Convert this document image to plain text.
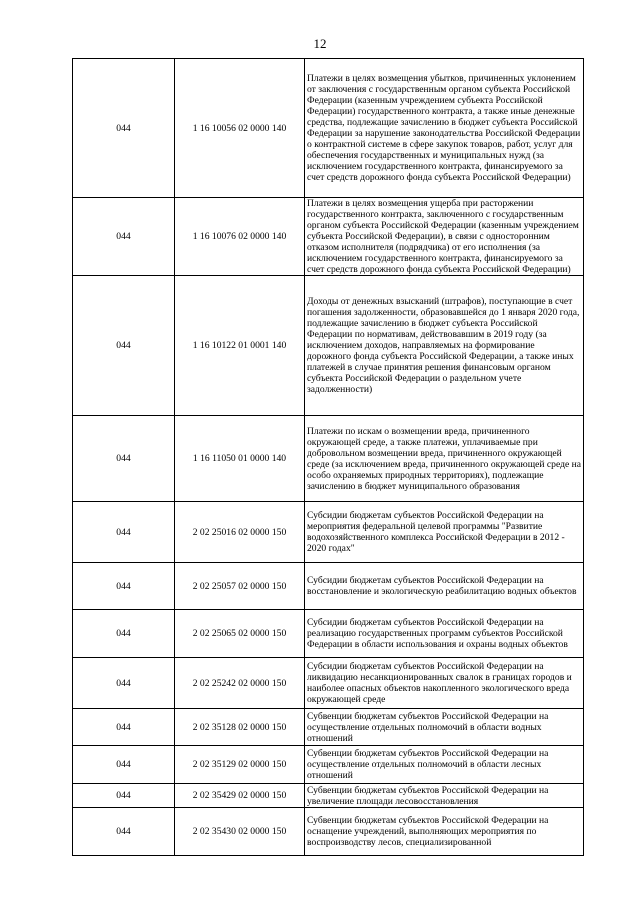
12
044	1 16 10056 02 0000 140	Платежи в целях возмещения убытков, причиненных уклонением от заключения с государственным органом субъекта Российской Федерации (казенным учреждением субъекта Российской Федерации) государственного контракта, а также иные денежные средства, подлежащие зачислению в бюджет субъекта Российской Федерации за нарушение законодательства Российской Федерации о контрактной системе в сфере закупок товаров, работ, услуг для обеспечения государственных и муниципальных нужд (за исключением государственного контракта, финансируемого за счет средств дорожного фонда субъекта Российской Федерации)
044	1 16 10076 02 0000 140	Платежи в целях возмещения ущерба при расторжении государственного контракта, заключенного с государственным органом субъекта Российской Федерации (казенным учреждением субъекта Российской Федерации), в связи с односторонним отказом исполнителя (подрядчика) от его исполнения (за исключением государственного контракта, финансируемого за счет средств дорожного фонда субъекта Российской Федерации)
044	1 16 10122 01 0001 140	Доходы от денежных взысканий (штрафов), поступающие в счет погашения задолженности, образовавшейся до 1 января 2020 года, подлежащие зачислению в бюджет субъекта Российской Федерации по нормативам, действовавшим в 2019 году (за исключением доходов, направляемых на формирование дорожного фонда субъекта Российской Федерации, а также иных платежей в случае принятия решения финансовым органом субъекта Российской Федерации о раздельном учете задолженности)
044	1 16 11050 01 0000 140	Платежи по искам о возмещении вреда, причиненного окружающей среде, а также платежи, уплачиваемые при добровольном возмещении вреда, причиненного окружающей среде (за исключением вреда, причиненного окружающей среде на особо охраняемых природных территориях), подлежащие зачислению в бюджет муниципального образования
044	2 02 25016 02 0000 150	Субсидии бюджетам субъектов Российской Федерации на мероприятия федеральной целевой программы "Развитие водохозяйственного комплекса Российской Федерации в 2012 - 2020 годах"
044	2 02 25057 02 0000 150	Субсидии бюджетам субъектов Российской Федерации на восстановление и экологическую реабилитацию водных объектов
044	2 02 25065 02 0000 150	Субсидии бюджетам субъектов Российской Федерации на реализацию государственных программ субъектов Российской Федерации в области использования и охраны водных объектов
044	2 02 25242 02 0000 150	Субсидии бюджетам субъектов Российской Федерации на ликвидацию несанкционированных свалок в границах городов и наиболее опасных объектов накопленного экологического вреда окружающей среде
044	2 02 35128 02 0000 150	Субвенции бюджетам субъектов Российской Федерации на осуществление отдельных полномочий в области водных отношений
044	2 02 35129 02 0000 150	Субвенции бюджетам субъектов Российской Федерации на осуществление отдельных полномочий в области лесных отношений
044	2 02 35429 02 0000 150	Субвенции бюджетам субъектов Российской Федерации на увеличение площади лесовосстановления
044	2 02 35430 02 0000 150	Субвенции бюджетам субъектов Российской Федерации на оснащение учреждений, выполняющих мероприятия по воспроизводству лесов, специализированной
